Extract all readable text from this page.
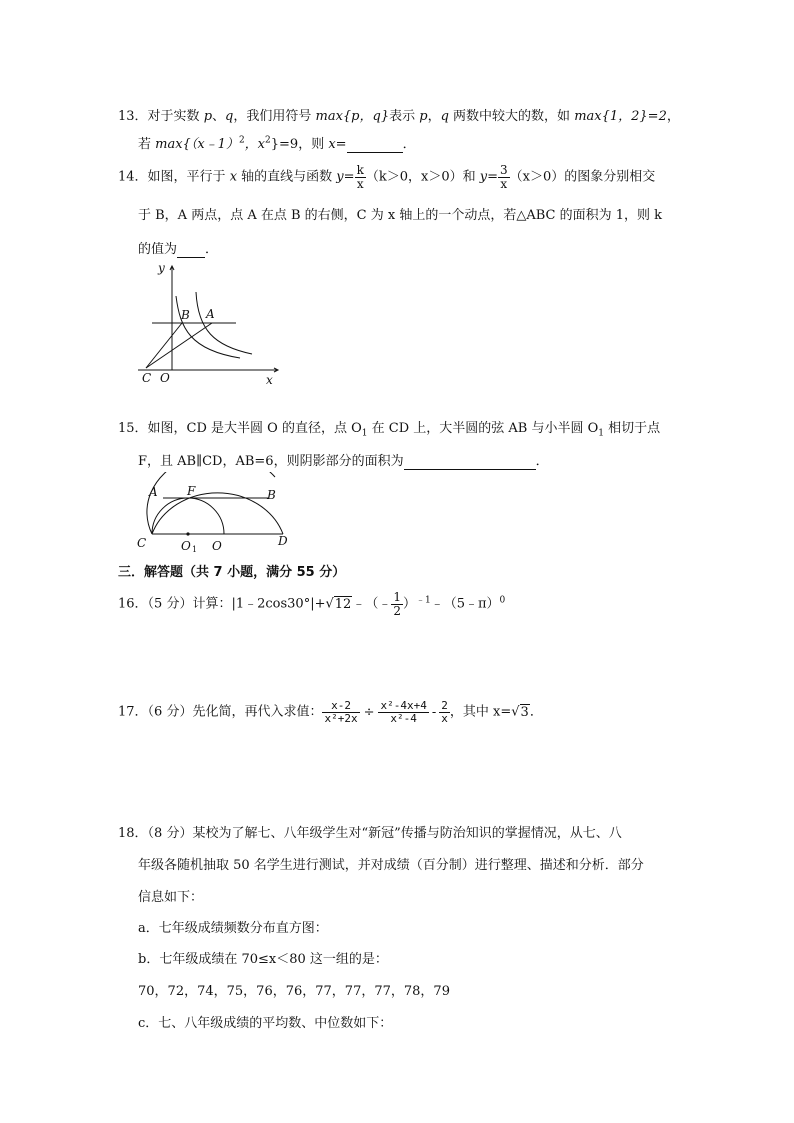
13．对于实数 p、q，我们用符号 max{p，q}表示 p，q 两数中较大的数，如 max{1，2}=2，
若 max{（x﹣1）$^2$，$x^2\}=9$，则 x=	．
14．如图，平行于 x 轴的直线与函数 $y= \frac{k}{x} (k>0$，x＞0）和 $y= \frac{3}{x} (x>0)$的图象分别相交
于 B，A 两点，点 A 在点 B 的右侧，C 为 x 轴上的一个动点，若△ABC 的面积为 1，则 k
的值为 ．
y
x
B A
C O
15．如图，CD 是大半圆 O 的直径，点 $O_1$ 在 CD 上，大半圆的弦 AB 与小半圆 $O_1$ 相切于点
F，且 AB∥CD，AB=6，则阴影部分的面积为	．
A F	B
C	O 1 O	D
三．解答题（共 7 小题，满分 55 分）
16．（5 分）计算：|1﹣2cos30°|+√12﹣（﹣ $\frac{1}{2}$ ）$^{﹣1}$﹣（5﹣π）$^0$
17．（6 分）先化简，再代入求值： $\frac{x-2}{\text{x²+2x}} \div \frac{\text{x²-4x+4}}{\text{x²-4}} - \frac{2}{x}$ ，其中 x=√3．
18．（8 分）某校为了解七、八年级学生对“新冠”传播与防治知识的掌握情况，从七、八
年级各随机抽取 50 名学生进行测试，并对成绩（百分制）进行整理、描述和分析．部分
信息如下：
a．七年级成绩频数分布直方图：
b．七年级成绩在 70≤x＜80 这一组的是：
70，72，74，75，76，76，77，77，77，78，79
c．七、八年级成绩的平均数、中位数如下：
